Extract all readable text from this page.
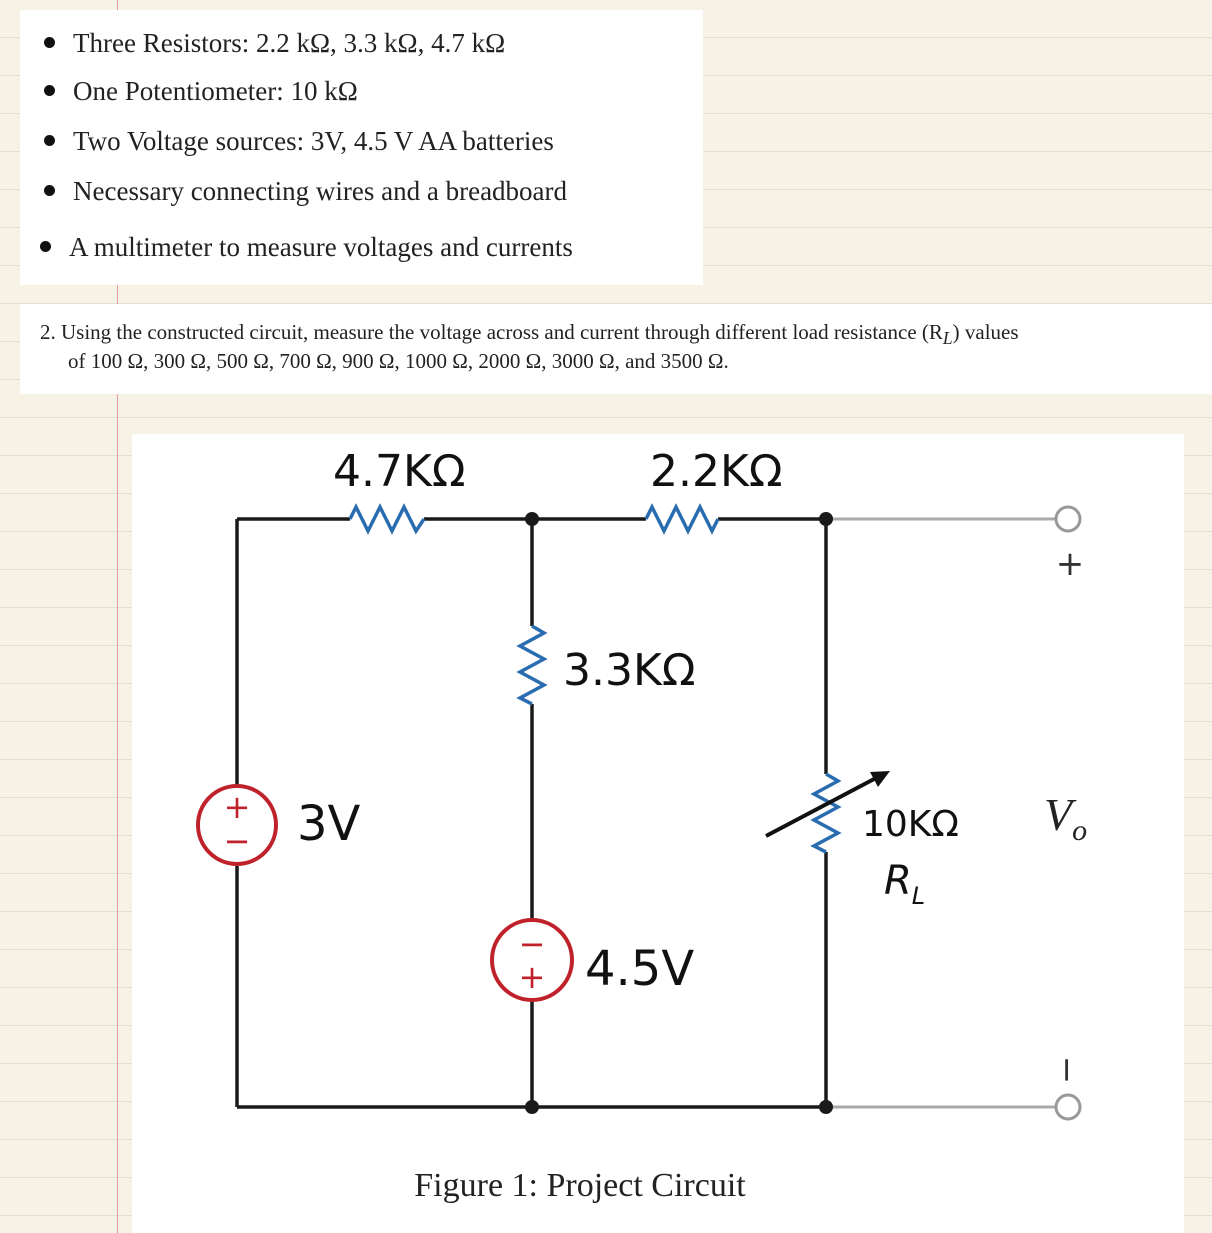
Three Resistors: 2.2 kΩ, 3.3 kΩ, 4.7 kΩ
One Potentiometer: 10 kΩ
Two Voltage sources: 3V, 4.5 V AA batteries
Necessary connecting wires and a breadboard
A multimeter to measure voltages and currents
2. Using the constructed circuit, measure the voltage across and current through different load resistance $(R_L)$ values
of 100 Ω, 300 Ω, 500 Ω, 700 Ω, 900 Ω, 1000 Ω, 2000 Ω, 3000 Ω, and 3500 Ω.
+
−
−
+
4.7KΩ	2.2KΩ
3.3KΩ
3V
4.5V
10KΩ
$R_L$
+
−
$V_o$
Figure 1: Project Circuit
